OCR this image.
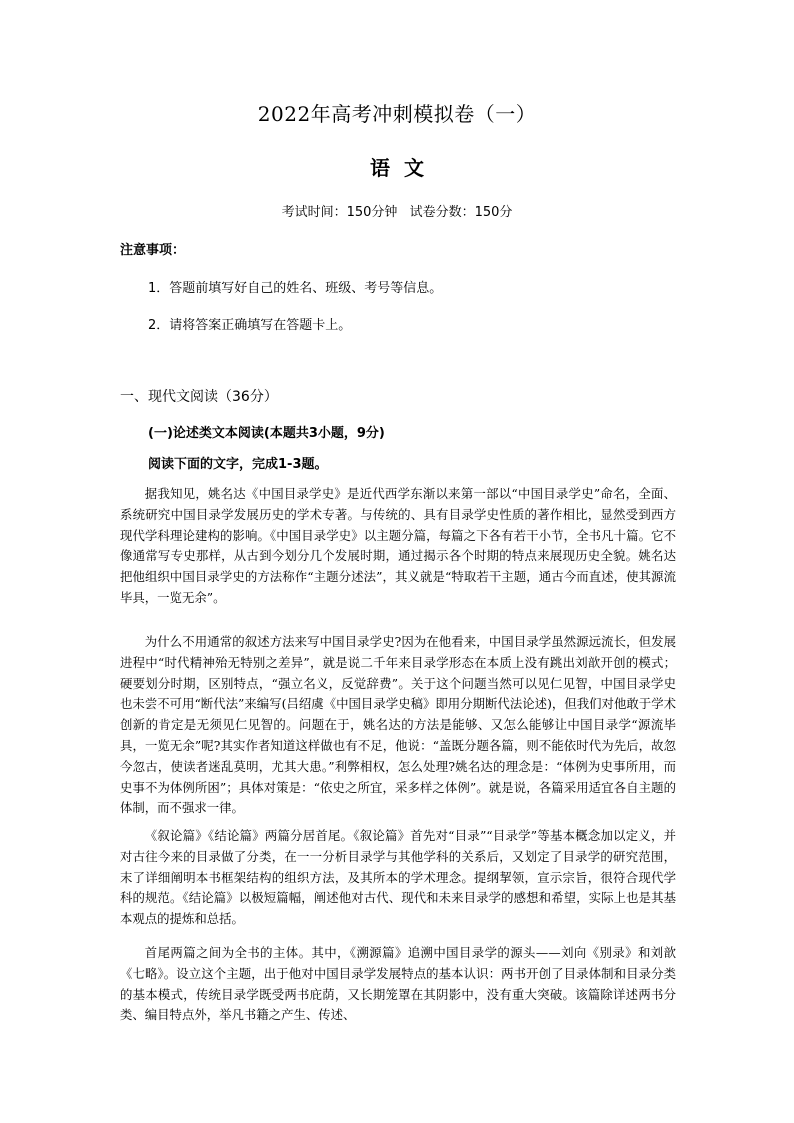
2022年高考冲刺模拟卷（一）
语文
考试时间：150分钟 试卷分数：150分
注意事项：
1．答题前填写好自己的姓名、班级、考号等信息。
2．请将答案正确填写在答题卡上。
一、现代文阅读（36分）
(一)论述类文本阅读(本题共3小题，9分)
阅读下面的文字，完成1-3题。

据我知见，姚名达《中国目录学史》是近代西学东渐以来第一部以“中国目录学史”命名，全面、系统研究中国目录学发展历史的学术专著。与传统的、具有目录学史性质的著作相比，显然受到西方现代学科理论建构的影响。《中国目录学史》以主题分篇，每篇之下各有若干小节，全书凡十篇。它不像通常写专史那样，从古到今划分几个发展时期，通过揭示各个时期的特点来展现历史全貌。姚名达把他组织中国目录学史的方法称作“主题分述法”，其义就是“特取若干主题，通古今而直述，使其源流毕具，一览无余”。

为什么不用通常的叙述方法来写中国目录学史?因为在他看来，中国目录学虽然源远流长，但发展进程中“时代精神殆无特别之差异”，就是说二千年来目录学形态在本质上没有跳出刘歆开创的模式；硬要划分时期，区别特点，“强立名义，反觉辞费”。关于这个问题当然可以见仁见智，中国目录学史也未尝不可用“断代法”来编写(吕绍虞《中国目录学史稿》即用分期断代法论述)，但我们对他敢于学术创新的肯定是无须见仁见智的。问题在于，姚名达的方法是能够、又怎么能够让中国目录学“源流毕具，一览无余”呢?其实作者知道这样做也有不足，他说：“盖既分题各篇，则不能依时代为先后，故忽今忽古，使读者迷乱莫明，尤其大患。”利弊相权，怎么处理?姚名达的理念是：“体例为史事所用，而史事不为体例所困”；具体对策是：“依史之所宜，采多样之体例”。就是说，各篇采用适宜各自主题的体制，而不强求一律。

《叙论篇》《结论篇》两篇分居首尾。《叙论篇》首先对“目录”“目录学”等基本概念加以定义，并对古往今来的目录做了分类，在一一分析目录学与其他学科的关系后，又划定了目录学的研究范围，末了详细阐明本书框架结构的组织方法，及其所本的学术理念。提纲挈领，宣示宗旨，很符合现代学科的规范。《结论篇》以极短篇幅，阐述他对古代、现代和未来目录学的感想和希望，实际上也是其基本观点的提炼和总括。

首尾两篇之间为全书的主体。其中，《溯源篇》追溯中国目录学的源头——刘向《别录》和刘歆《七略》。设立这个主题，出于他对中国目录学发展特点的基本认识：两书开创了目录体制和目录分类的基本模式，传统目录学既受两书庇荫，又长期笼罩在其阴影中，没有重大突破。该篇除详述两书分类、编目特点外，举凡书籍之产生、传述、
